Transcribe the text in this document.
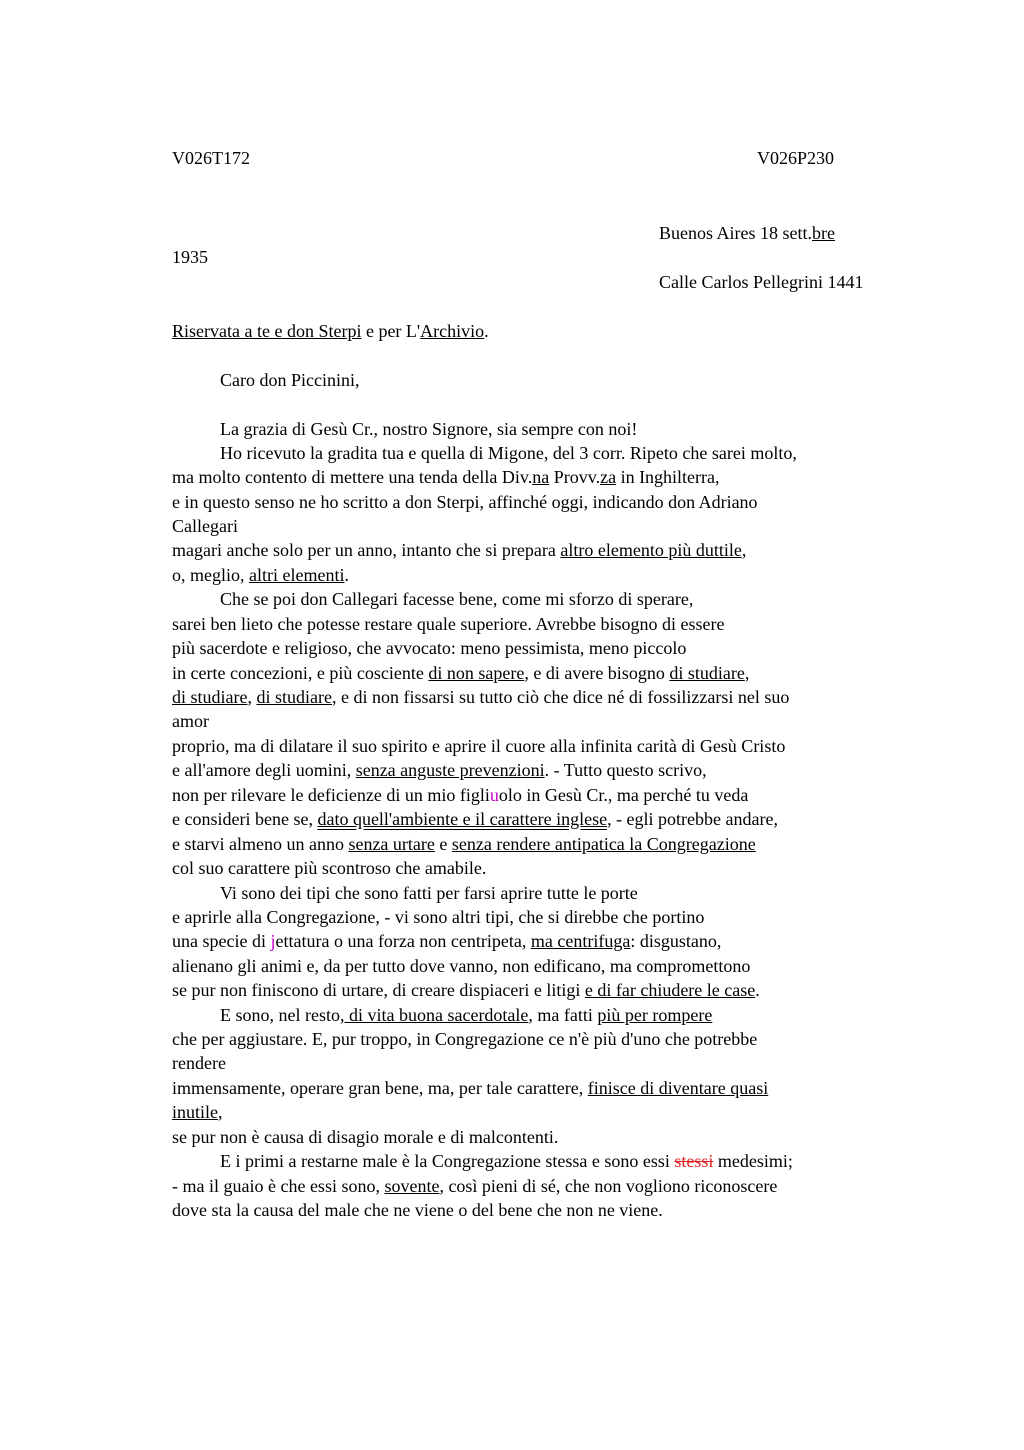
V026T172	V026P230
Buenos Aires 18 sett.bre
1935
Calle Carlos Pellegrini 1441
Riservata a te e don Sterpi e per L'Archivio.
Caro don Piccinini,
La grazia di Gesù Cr., nostro Signore, sia sempre con noi!
Ho ricevuto la gradita tua e quella di Migone, del 3 corr. Ripeto che sarei molto,
ma molto contento di mettere una tenda della Div.na Provv.za in Inghilterra,
e in questo senso ne ho scritto a don Sterpi, affinché oggi, indicando don Adriano
Callegari
magari anche solo per un anno, intanto che si prepara altro elemento più duttile,
o, meglio, altri elementi.
Che se poi don Callegari facesse bene, come mi sforzo di sperare,
sarei ben lieto che potesse restare quale superiore. Avrebbe bisogno di essere
più sacerdote e religioso, che avvocato: meno pessimista, meno piccolo
in certe concezioni, e più cosciente di non sapere, e di avere bisogno di studiare,
di studiare, di studiare, e di non fissarsi su tutto ciò che dice né di fossilizzarsi nel suo
amor
proprio, ma di dilatare il suo spirito e aprire il cuore alla infinita carità di Gesù Cristo
e all'amore degli uomini, senza anguste prevenzioni. - Tutto questo scrivo,
non per rilevare le deficienze di un mio figliuolo in Gesù Cr., ma perché tu veda
e consideri bene se, dato quell'ambiente e il carattere inglese, - egli potrebbe andare,
e starvi almeno un anno senza urtare e senza rendere antipatica la Congregazione
col suo carattere più scontroso che amabile.
Vi sono dei tipi che sono fatti per farsi aprire tutte le porte
e aprirle alla Congregazione, - vi sono altri tipi, che si direbbe che portino
una specie di jettatura o una forza non centripeta, ma centrifuga: disgustano,
alienano gli animi e, da per tutto dove vanno, non edificano, ma compromettono
se pur non finiscono di urtare, di creare dispiaceri e litigi e di far chiudere le case.
E sono, nel resto, di vita buona sacerdotale, ma fatti più per rompere
che per aggiustare. E, pur troppo, in Congregazione ce n'è più d'uno che potrebbe
rendere
immensamente, operare gran bene, ma, per tale carattere, finisce di diventare quasi
inutile,
se pur non è causa di disagio morale e di malcontenti.
E i primi a restarne male è la Congregazione stessa e sono essi stessi medesimi;
- ma il guaio è che essi sono, sovente, così pieni di sé, che non vogliono riconoscere
dove sta la causa del male che ne viene o del bene che non ne viene.
